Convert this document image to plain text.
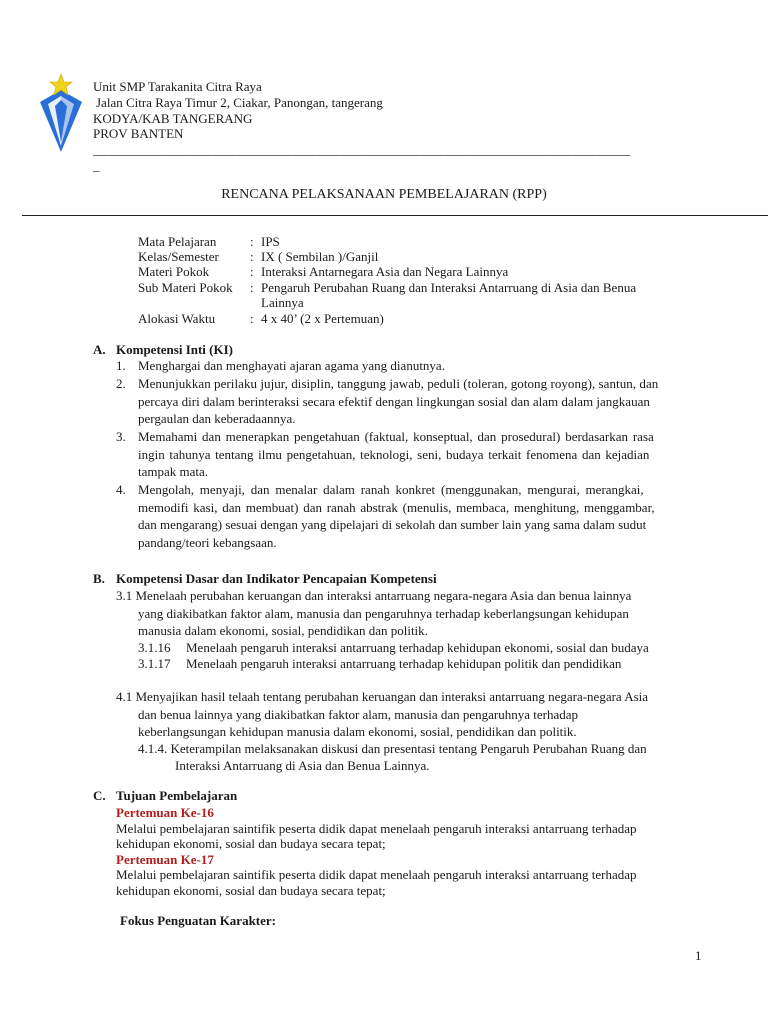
Unit SMP Tarakanita Citra Raya
Jalan Citra Raya Timur 2, Ciakar, Panongan, tangerang
KODYA/KAB TANGERANG
PROV BANTEN
________________________________________________________________________________________
_
RENCANA PELAKSANAAN PEMBELAJARAN (RPP)
Mata Pelajaran	: IPS
Kelas/Semester : IX ( Sembilan )/Ganjil
Materi Pokok	: Interaksi Antarnegara Asia dan Negara Lainnya
Sub Materi Pokok : Pengaruh Perubahan Ruang dan Interaksi Antarruang di Asia dan Benua
Lainnya
Alokasi Waktu	: 4 x 40’ (2 x Pertemuan)
A. Kompetensi Inti (KI)
1. Menghargai dan menghayati ajaran agama yang dianutnya.
2. Menunjukkan perilaku jujur, disiplin, tanggung jawab, peduli (toleran, gotong royong), santun, dan
percaya diri dalam berinteraksi secara efektif dengan lingkungan sosial dan alam dalam jangkauan
pergaulan dan keberadaannya.
3. Memahami dan menerapkan pengetahuan (faktual, konseptual, dan prosedural) berdasarkan rasa
ingin tahunya tentang ilmu pengetahuan, teknologi, seni, budaya terkait fenomena dan kejadian
tampak mata.
4. Mengolah, menyaji, dan menalar dalam ranah konkret (menggunakan, mengurai, merangkai,
memodifi kasi, dan membuat) dan ranah abstrak (menulis, membaca, menghitung, menggambar,
dan mengarang) sesuai dengan yang dipelajari di sekolah dan sumber lain yang sama dalam sudut
pandang/teori kebangsaan.
B. Kompetensi Dasar dan Indikator Pencapaian Kompetensi
3.1 Menelaah perubahan keruangan dan interaksi antarruang negara-negara Asia dan benua lainnya
yang diakibatkan faktor alam, manusia dan pengaruhnya terhadap keberlangsungan kehidupan
manusia dalam ekonomi, sosial, pendidikan dan politik.
3.1.16 Menelaah pengaruh interaksi antarruang terhadap kehidupan ekonomi, sosial dan budaya
3.1.17 Menelaah pengaruh interaksi antarruang terhadap kehidupan politik dan pendidikan
4.1 Menyajikan hasil telaah tentang perubahan keruangan dan interaksi antarruang negara-negara Asia
dan benua lainnya yang diakibatkan faktor alam, manusia dan pengaruhnya terhadap
keberlangsungan kehidupan manusia dalam ekonomi, sosial, pendidikan dan politik.
4.1.4. Keterampilan melaksanakan diskusi dan presentasi tentang Pengaruh Perubahan Ruang dan
Interaksi Antarruang di Asia dan Benua Lainnya.
C. Tujuan Pembelajaran
Pertemuan Ke-16
Melalui pembelajaran saintifik peserta didik dapat menelaah pengaruh interaksi antarruang terhadap
kehidupan ekonomi, sosial dan budaya secara tepat;
Pertemuan Ke-17
Melalui pembelajaran saintifik peserta didik dapat menelaah pengaruh interaksi antarruang terhadap
kehidupan ekonomi, sosial dan budaya secara tepat;
Fokus Penguatan Karakter:
1
